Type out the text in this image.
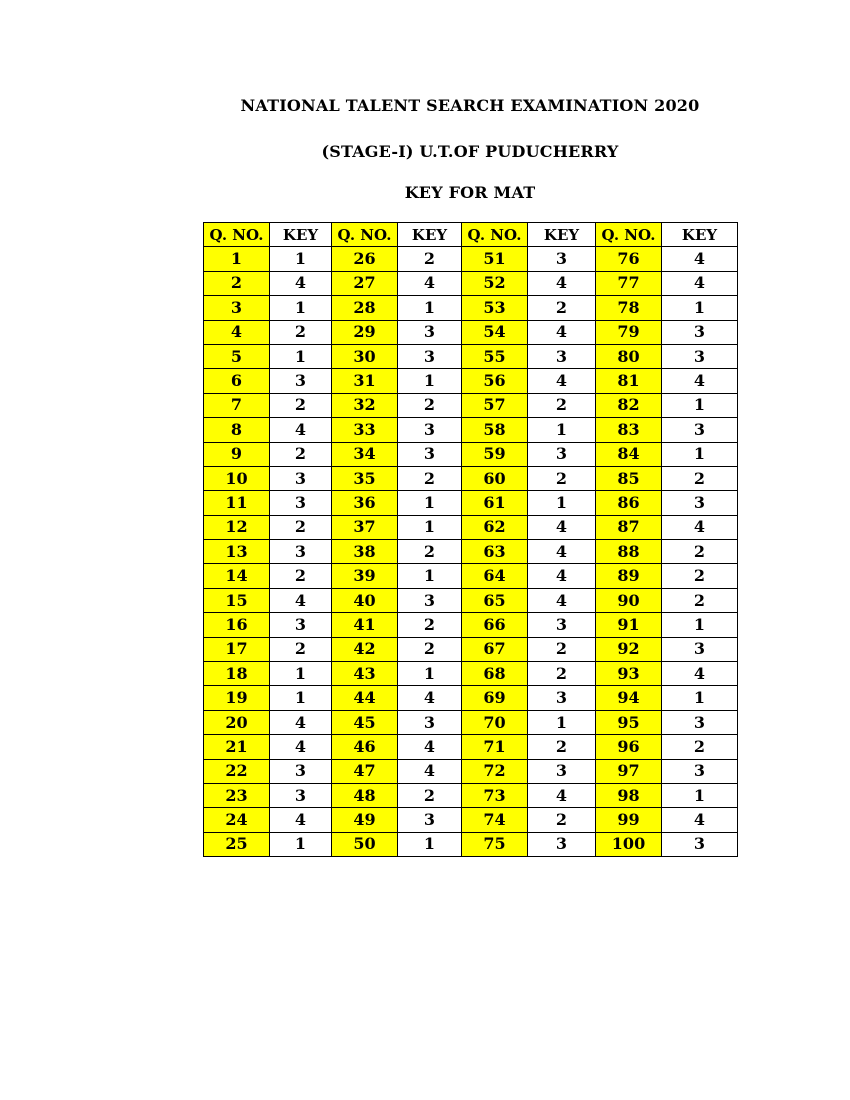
NATIONAL TALENT SEARCH EXAMINATION 2020
(STAGE-I) U.T.OF PUDUCHERRY
KEY FOR MAT
Q. NO.	KEY	Q. NO.	KEY	Q. NO.	KEY	Q. NO.	KEY
1	1	26	2	51	3	76	4
2	4	27	4	52	4	77	4
3	1	28	1	53	2	78	1
4	2	29	3	54	4	79	3
5	1	30	3	55	3	80	3
6	3	31	1	56	4	81	4
7	2	32	2	57	2	82	1
8	4	33	3	58	1	83	3
9	2	34	3	59	3	84	1
10	3	35	2	60	2	85	2
11	3	36	1	61	1	86	3
12	2	37	1	62	4	87	4
13	3	38	2	63	4	88	2
14	2	39	1	64	4	89	2
15	4	40	3	65	4	90	2
16	3	41	2	66	3	91	1
17	2	42	2	67	2	92	3
18	1	43	1	68	2	93	4
19	1	44	4	69	3	94	1
20	4	45	3	70	1	95	3
21	4	46	4	71	2	96	2
22	3	47	4	72	3	97	3
23	3	48	2	73	4	98	1
24	4	49	3	74	2	99	4
25	1	50	1	75	3	100	3
